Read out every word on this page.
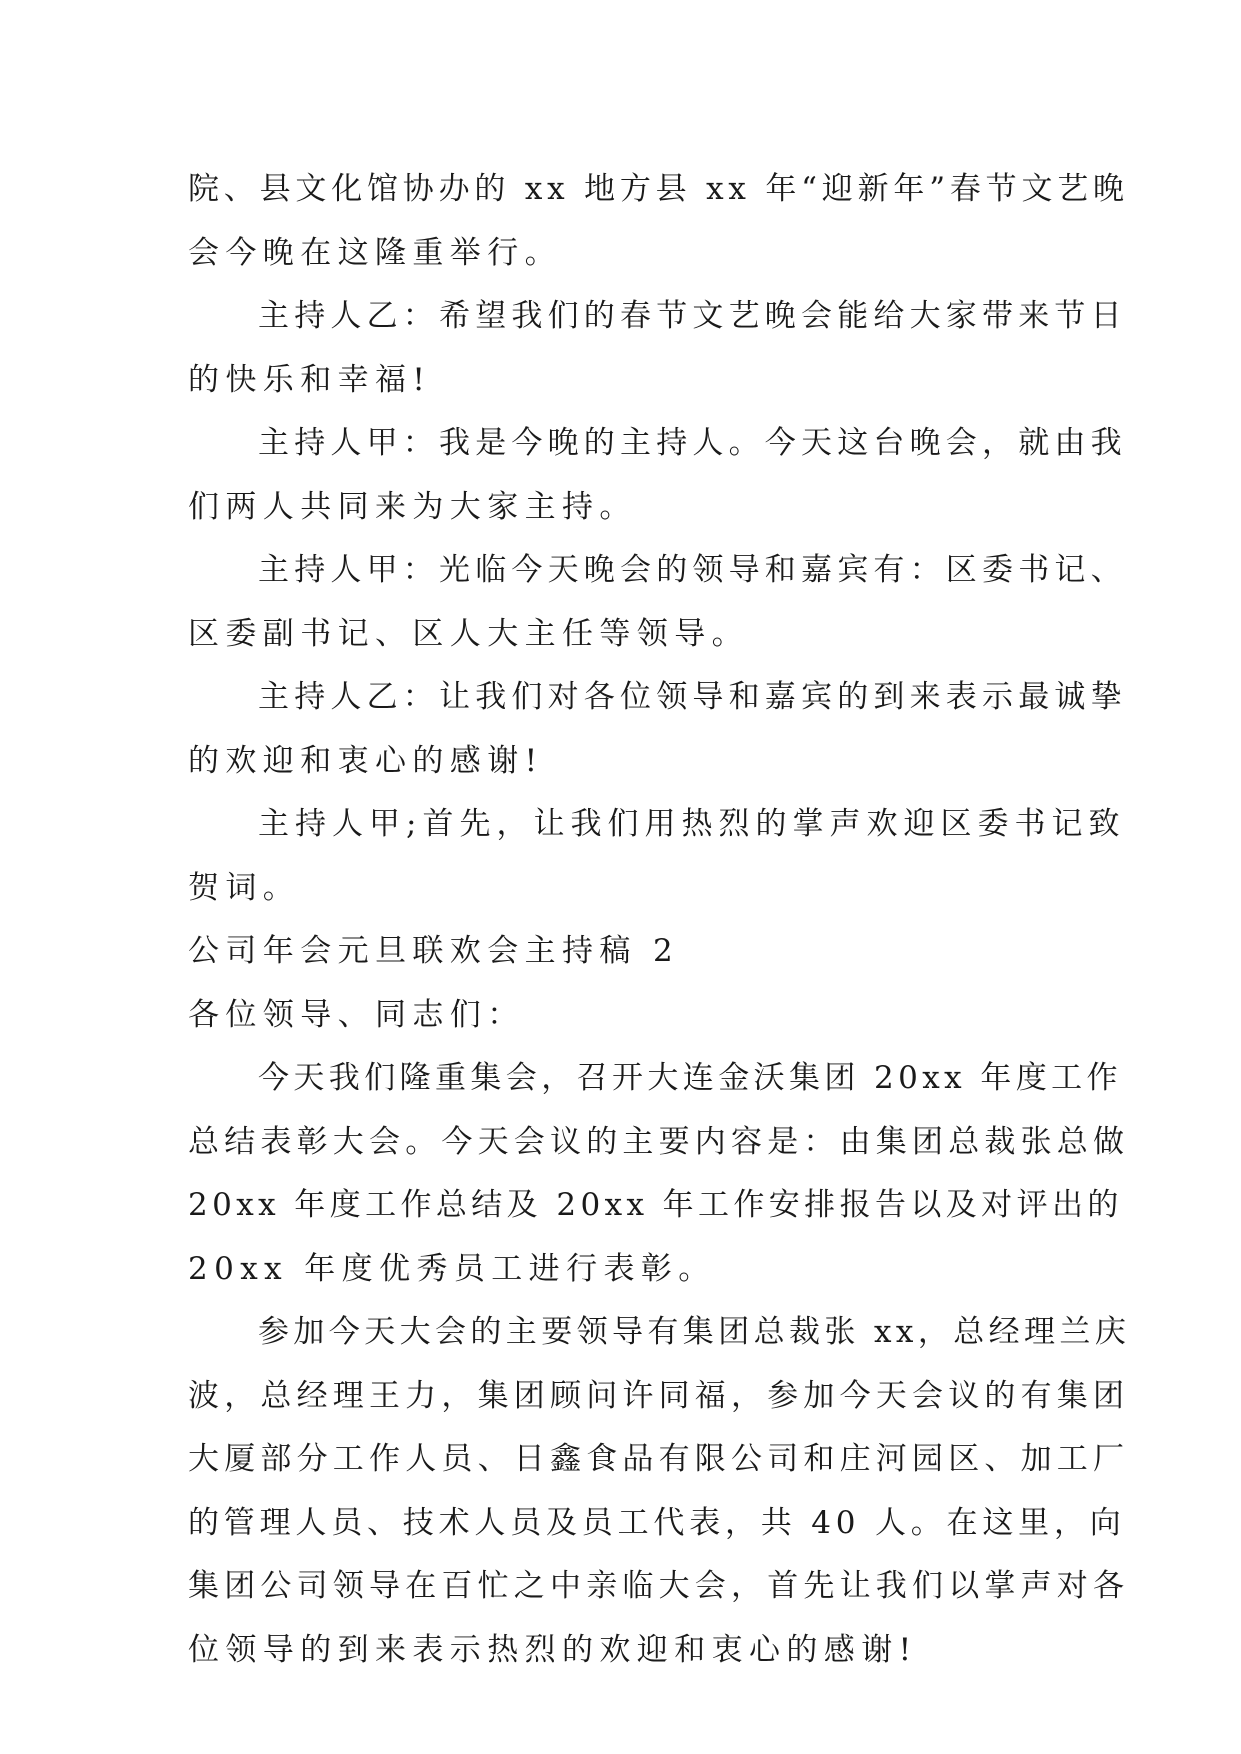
院、县文化馆协办的 xx 地方县 xx 年“迎新年”春节文艺晚
会今晚在这隆重举行。
主持人乙：希望我们的春节文艺晚会能给大家带来节日
的快乐和幸福!
主持人甲：我是今晚的主持人。今天这台晚会，就由我
们两人共同来为大家主持。
主持人甲：光临今天晚会的领导和嘉宾有：区委书记、
区委副书记、区人大主任等领导。
主持人乙：让我们对各位领导和嘉宾的到来表示最诚挚
的欢迎和衷心的感谢!
主持人甲;首先，让我们用热烈的掌声欢迎区委书记致
贺词。
公司年会元旦联欢会主持稿 2
各位领导、同志们：
今天我们隆重集会，召开大连金沃集团 20xx 年度工作
总结表彰大会。今天会议的主要内容是：由集团总裁张总做
20xx 年度工作总结及 20xx 年工作安排报告以及对评出的
20xx 年度优秀员工进行表彰。
参加今天大会的主要领导有集团总裁张 xx，总经理兰庆
波，总经理王力，集团顾问许同福，参加今天会议的有集团
大厦部分工作人员、日鑫食品有限公司和庄河园区、加工厂
的管理人员、技术人员及员工代表，共 40 人。在这里，向
集团公司领导在百忙之中亲临大会，首先让我们以掌声对各
位领导的到来表示热烈的欢迎和衷心的感谢!
